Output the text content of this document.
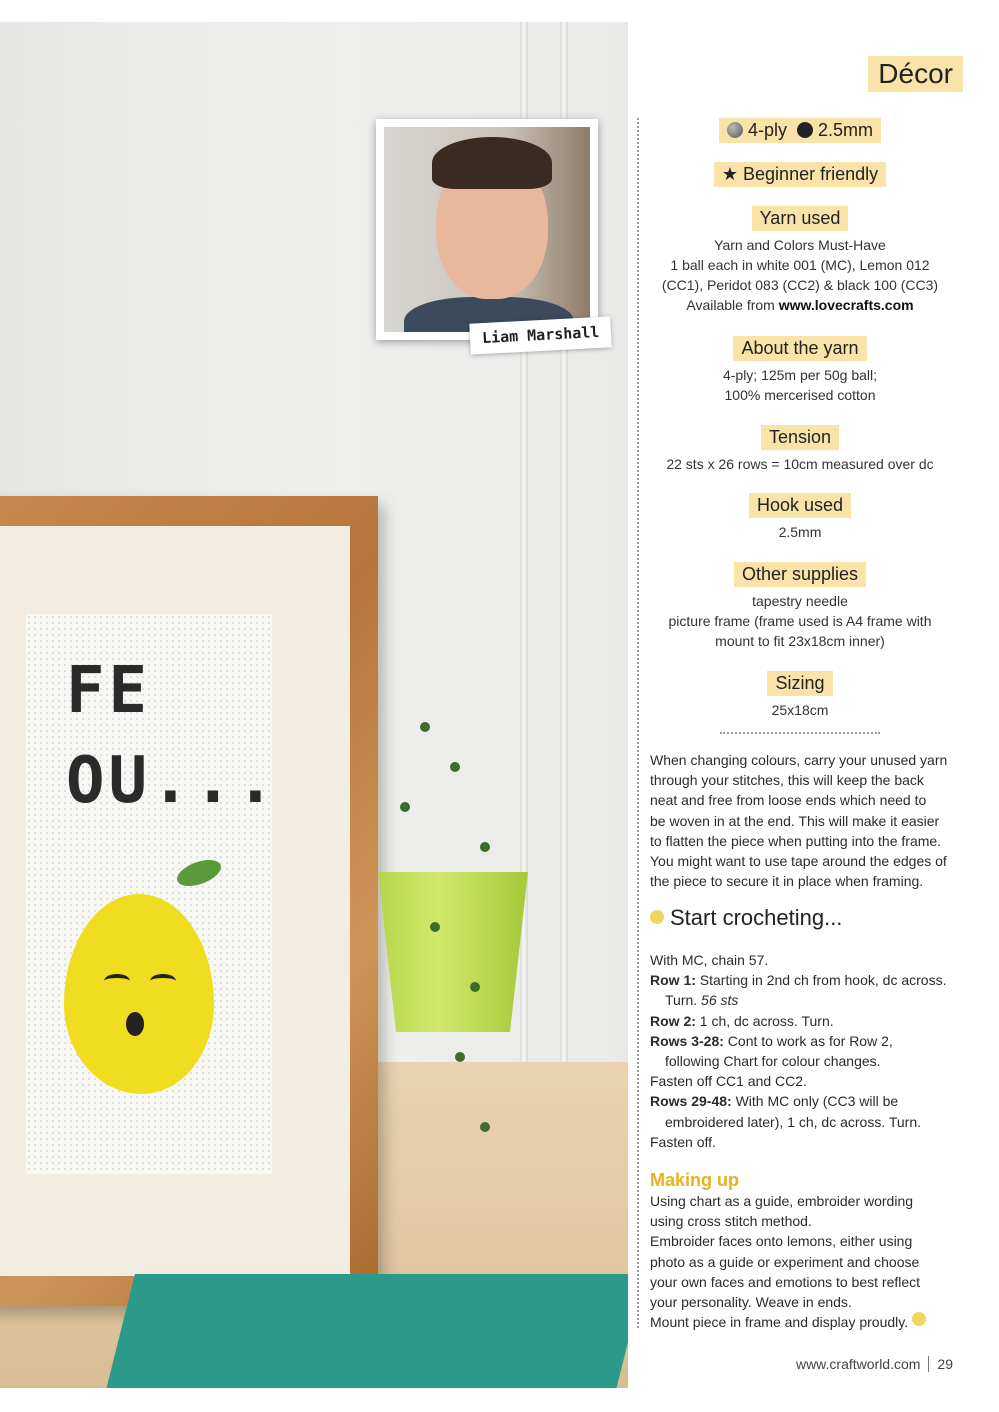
FE
OU...
Liam Marshall
Décor
4-ply 2.5mm
★ Beginner friendly
Yarn used
Yarn and Colors Must-Have
1 ball each in white 001 (MC), Lemon 012
(CC1), Peridot 083 (CC2) & black 100 (CC3)
Available from www.lovecrafts.com
About the yarn
4-ply; 125m per 50g ball;
100% mercerised cotton
Tension
22 sts x 26 rows = 10cm measured over dc
Hook used
2.5mm
Other supplies
tapestry needle
picture frame (frame used is A4 frame with
mount to fit 23x18cm inner)
Sizing
25x18cm
When changing colours, carry your unused yarn
through your stitches, this will keep the back
neat and free from loose ends which need to
be woven in at the end. This will make it easier
to flatten the piece when putting into the frame.
You might want to use tape around the edges of
the piece to secure it in place when framing.
Start crocheting...
With MC, chain 57.
Row 1: Starting in 2nd ch from hook, dc across. Turn. 56 sts
Row 2: 1 ch, dc across. Turn.
Rows 3-28: Cont to work as for Row 2, following Chart for colour changes.
Fasten off CC1 and CC2.
Rows 29-48: With MC only (CC3 will be embroidered later), 1 ch, dc across. Turn.
Fasten off.
Making up
Using chart as a guide, embroider wording
using cross stitch method.
Embroider faces onto lemons, either using
photo as a guide or experiment and choose
your own faces and emotions to best reflect
your personality. Weave in ends.
Mount piece in frame and display proudly.
www.craftworld.com 29
